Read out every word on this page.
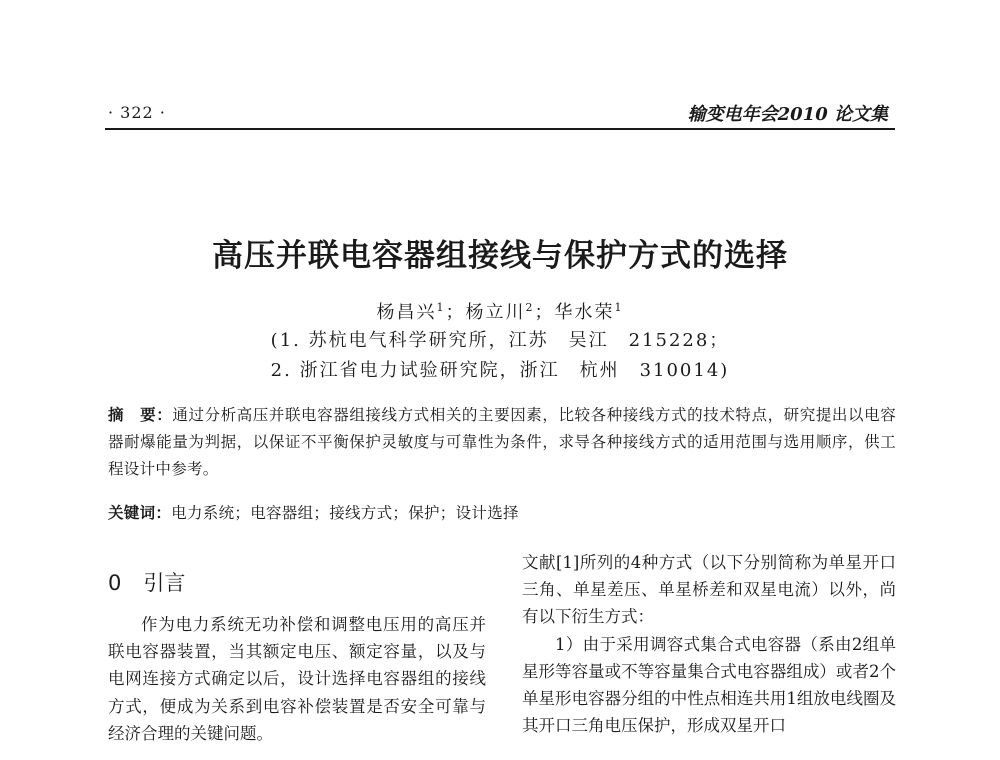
· 322 ·	输变电年会2010 论文集
高压并联电容器组接线与保护方式的选择
杨昌兴$^1$；杨立川$^2$；华水荣$^1$
(1. 苏杭电气科学研究所，江苏　吴江　215228；
2. 浙江省电力试验研究院，浙江　杭州　310014)
摘　要：通过分析高压并联电容器组接线方式相关的主要因素，比较各种接线方式的技术特点，研究提出以电容器耐爆能量为判据，以保证不平衡保护灵敏度与可靠性为条件，求导各种接线方式的适用范围与选用顺序，供工程设计中参考。
关键词：电力系统；电容器组；接线方式；保护；设计选择
0 引言

作为电力系统无功补偿和调整电压用的高压并联电容器装置，当其额定电压、额定容量，以及与电网连接方式确定以后，设计选择电容器组的接线方式，便成为关系到电容补偿装置是否安全可靠与经济合理的关键问题。

文献[1]所列的4种方式（以下分别简称为单星开口三角、单星差压、单星桥差和双星电流）以外，尚有以下衍生方式：

1）由于采用调容式集合式电容器（系由2组单星形等容量或不等容量集合式电容器组成）或者2个单星形电容器分组的中性点相连共用1组放电线圈及其开口三角电压保护，形成双星开口
